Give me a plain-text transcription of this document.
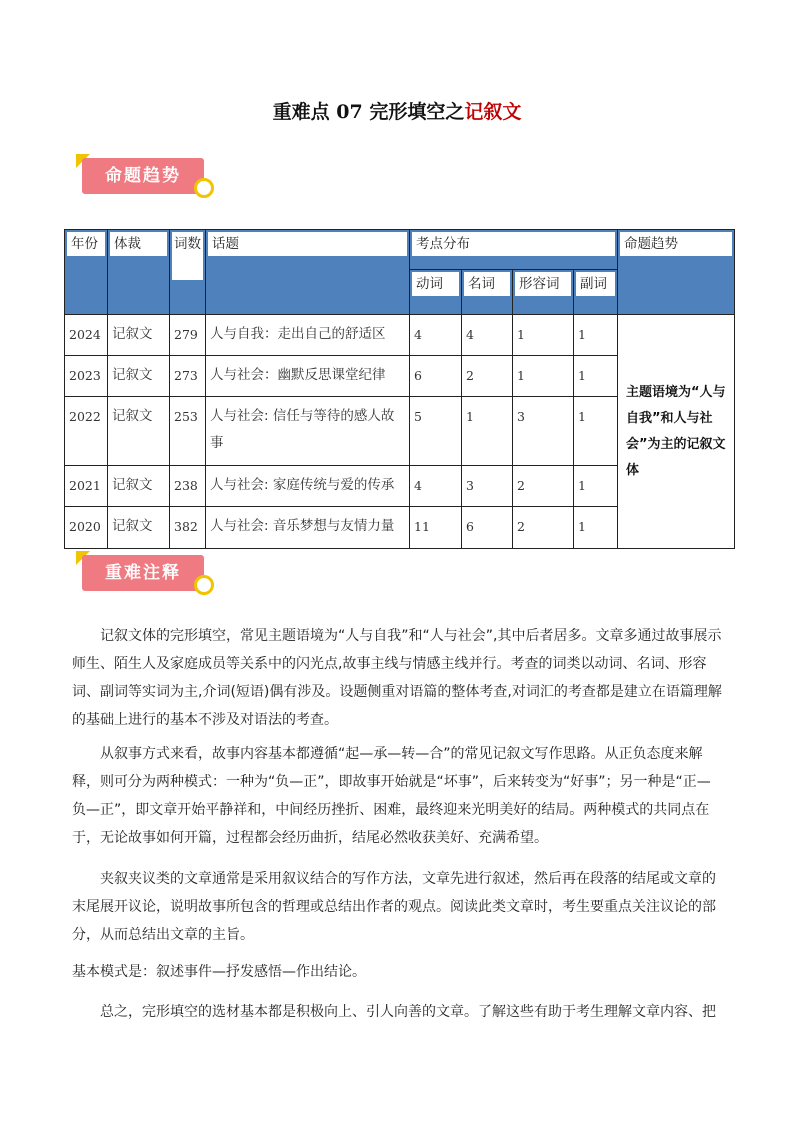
重难点 07 完形填空之记叙文
命题趋势
年份	体裁	词数	话题	考点分布				命题趋势

				动词	名词	形容词	副词	

2024	记叙文	279	人与自我：走出自己的舒适区	4	4	1	1	主题语境为“人与自我”和人与社会”为主的记叙文体
2023	记叙文	273	人与社会：幽默反思课堂纪律	6	2	1	1	
2022	记叙文	253	人与社会: 信任与等待的感人故事	5	1	3	1	
2021	记叙文	238	人与社会: 家庭传统与爱的传承	4	3	2	1	
2020	记叙文	382	人与社会: 音乐梦想与友情力量	11	6	2	1	
重难注释

记叙文体的完形填空，常见主题语境为“人与自我”和“人与社会”,其中后者居多。文章多通过故事展示师生、陌生人及家庭成员等关系中的闪光点,故事主线与情感主线并行。考查的词类以动词、名词、形容词、副词等实词为主,介词(短语)偶有涉及。设题侧重对语篇的整体考查,对词汇的考查都是建立在语篇理解的基础上进行的基本不涉及对语法的考查。

从叙事方式来看，故事内容基本都遵循“起—承—转—合”的常见记叙文写作思路。从正负态度来解释，则可分为两种模式：一种为“负—正”，即故事开始就是“坏事”，后来转变为“好事”；另一种是“正—负—正”，即文章开始平静祥和，中间经历挫折、困难，最终迎来光明美好的结局。两种模式的共同点在于，无论故事如何开篇，过程都会经历曲折，结尾必然收获美好、充满希望。

夹叙夹议类的文章通常是采用叙议结合的写作方法，文章先进行叙述，然后再在段落的结尾或文章的末尾展开议论，说明故事所包含的哲理或总结出作者的观点。阅读此类文章时，考生要重点关注议论的部分，从而总结出文章的主旨。

基本模式是：叙述事件—抒发感悟—作出结论。

总之，完形填空的选材基本都是积极向上、引人向善的文章。了解这些有助于考生理解文章内容、把
